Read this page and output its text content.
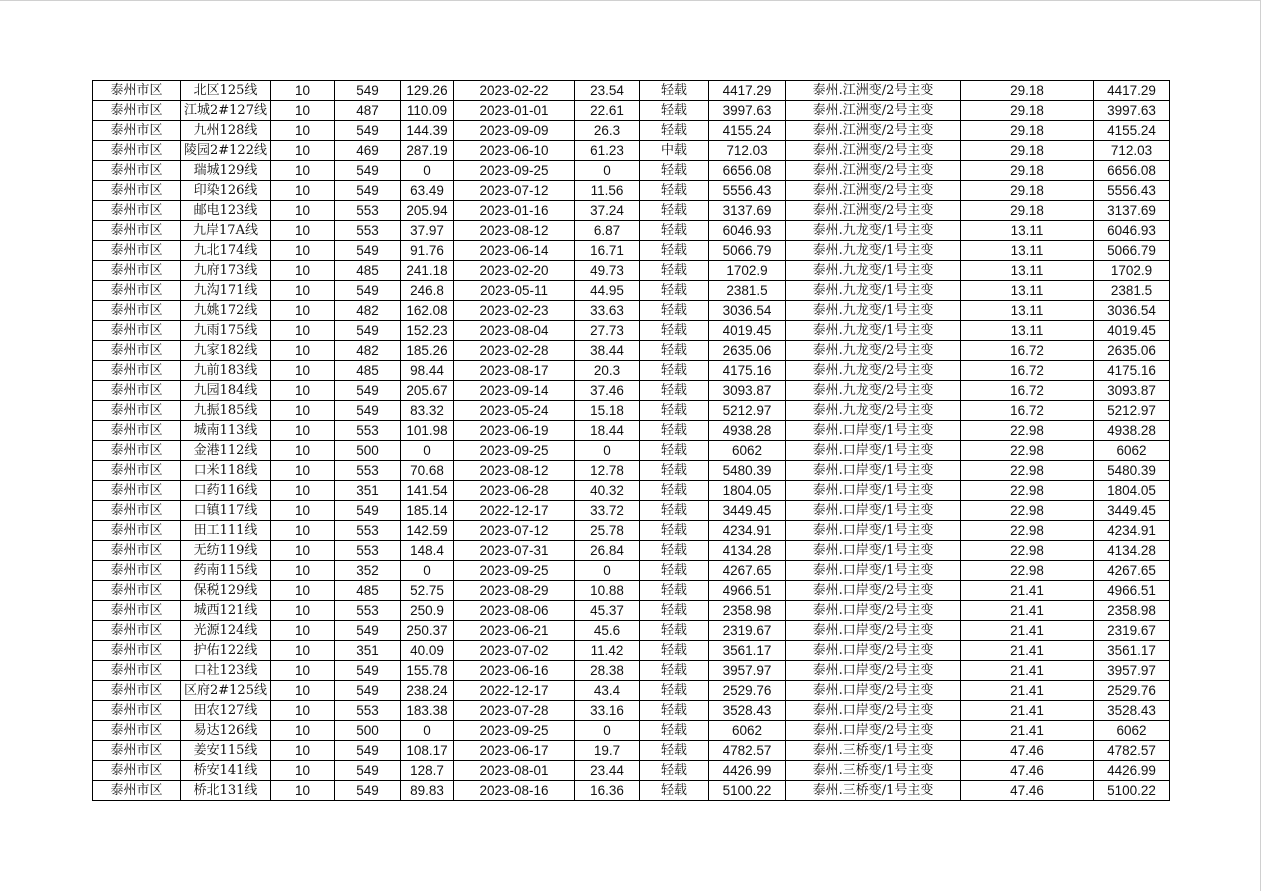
泰州市区	北区125线	10	549	129.26	2023-02-22	23.54	轻载	4417.29	泰州.江洲变/2号主变	29.18	4417.29
泰州市区	江城2#127线	10	487	110.09	2023-01-01	22.61	轻载	3997.63	泰州.江洲变/2号主变	29.18	3997.63
泰州市区	九州128线	10	549	144.39	2023-09-09	26.3	轻载	4155.24	泰州.江洲变/2号主变	29.18	4155.24
泰州市区	陵园2#122线	10	469	287.19	2023-06-10	61.23	中载	712.03	泰州.江洲变/2号主变	29.18	712.03
泰州市区	瑞城129线	10	549	0	2023-09-25	0	轻载	6656.08	泰州.江洲变/2号主变	29.18	6656.08
泰州市区	印染126线	10	549	63.49	2023-07-12	11.56	轻载	5556.43	泰州.江洲变/2号主变	29.18	5556.43
泰州市区	邮电123线	10	553	205.94	2023-01-16	37.24	轻载	3137.69	泰州.江洲变/2号主变	29.18	3137.69
泰州市区	九岸17A线	10	553	37.97	2023-08-12	6.87	轻载	6046.93	泰州.九龙变/1号主变	13.11	6046.93
泰州市区	九北174线	10	549	91.76	2023-06-14	16.71	轻载	5066.79	泰州.九龙变/1号主变	13.11	5066.79
泰州市区	九府173线	10	485	241.18	2023-02-20	49.73	轻载	1702.9	泰州.九龙变/1号主变	13.11	1702.9
泰州市区	九沟171线	10	549	246.8	2023-05-11	44.95	轻载	2381.5	泰州.九龙变/1号主变	13.11	2381.5
泰州市区	九姚172线	10	482	162.08	2023-02-23	33.63	轻载	3036.54	泰州.九龙变/1号主变	13.11	3036.54
泰州市区	九雨175线	10	549	152.23	2023-08-04	27.73	轻载	4019.45	泰州.九龙变/1号主变	13.11	4019.45
泰州市区	九家182线	10	482	185.26	2023-02-28	38.44	轻载	2635.06	泰州.九龙变/2号主变	16.72	2635.06
泰州市区	九前183线	10	485	98.44	2023-08-17	20.3	轻载	4175.16	泰州.九龙变/2号主变	16.72	4175.16
泰州市区	九园184线	10	549	205.67	2023-09-14	37.46	轻载	3093.87	泰州.九龙变/2号主变	16.72	3093.87
泰州市区	九振185线	10	549	83.32	2023-05-24	15.18	轻载	5212.97	泰州.九龙变/2号主变	16.72	5212.97
泰州市区	城南113线	10	553	101.98	2023-06-19	18.44	轻载	4938.28	泰州.口岸变/1号主变	22.98	4938.28
泰州市区	金港112线	10	500	0	2023-09-25	0	轻载	6062	泰州.口岸变/1号主变	22.98	6062
泰州市区	口米118线	10	553	70.68	2023-08-12	12.78	轻载	5480.39	泰州.口岸变/1号主变	22.98	5480.39
泰州市区	口药116线	10	351	141.54	2023-06-28	40.32	轻载	1804.05	泰州.口岸变/1号主变	22.98	1804.05
泰州市区	口镇117线	10	549	185.14	2022-12-17	33.72	轻载	3449.45	泰州.口岸变/1号主变	22.98	3449.45
泰州市区	田工111线	10	553	142.59	2023-07-12	25.78	轻载	4234.91	泰州.口岸变/1号主变	22.98	4234.91
泰州市区	无纺119线	10	553	148.4	2023-07-31	26.84	轻载	4134.28	泰州.口岸变/1号主变	22.98	4134.28
泰州市区	药南115线	10	352	0	2023-09-25	0	轻载	4267.65	泰州.口岸变/1号主变	22.98	4267.65
泰州市区	保税129线	10	485	52.75	2023-08-29	10.88	轻载	4966.51	泰州.口岸变/2号主变	21.41	4966.51
泰州市区	城西121线	10	553	250.9	2023-08-06	45.37	轻载	2358.98	泰州.口岸变/2号主变	21.41	2358.98
泰州市区	光源124线	10	549	250.37	2023-06-21	45.6	轻载	2319.67	泰州.口岸变/2号主变	21.41	2319.67
泰州市区	护佑122线	10	351	40.09	2023-07-02	11.42	轻载	3561.17	泰州.口岸变/2号主变	21.41	3561.17
泰州市区	口社123线	10	549	155.78	2023-06-16	28.38	轻载	3957.97	泰州.口岸变/2号主变	21.41	3957.97
泰州市区	区府2#125线	10	549	238.24	2022-12-17	43.4	轻载	2529.76	泰州.口岸变/2号主变	21.41	2529.76
泰州市区	田农127线	10	553	183.38	2023-07-28	33.16	轻载	3528.43	泰州.口岸变/2号主变	21.41	3528.43
泰州市区	易达126线	10	500	0	2023-09-25	0	轻载	6062	泰州.口岸变/2号主变	21.41	6062
泰州市区	姜安115线	10	549	108.17	2023-06-17	19.7	轻载	4782.57	泰州.三桥变/1号主变	47.46	4782.57
泰州市区	桥安141线	10	549	128.7	2023-08-01	23.44	轻载	4426.99	泰州.三桥变/1号主变	47.46	4426.99
泰州市区	桥北131线	10	549	89.83	2023-08-16	16.36	轻载	5100.22	泰州.三桥变/1号主变	47.46	5100.22
